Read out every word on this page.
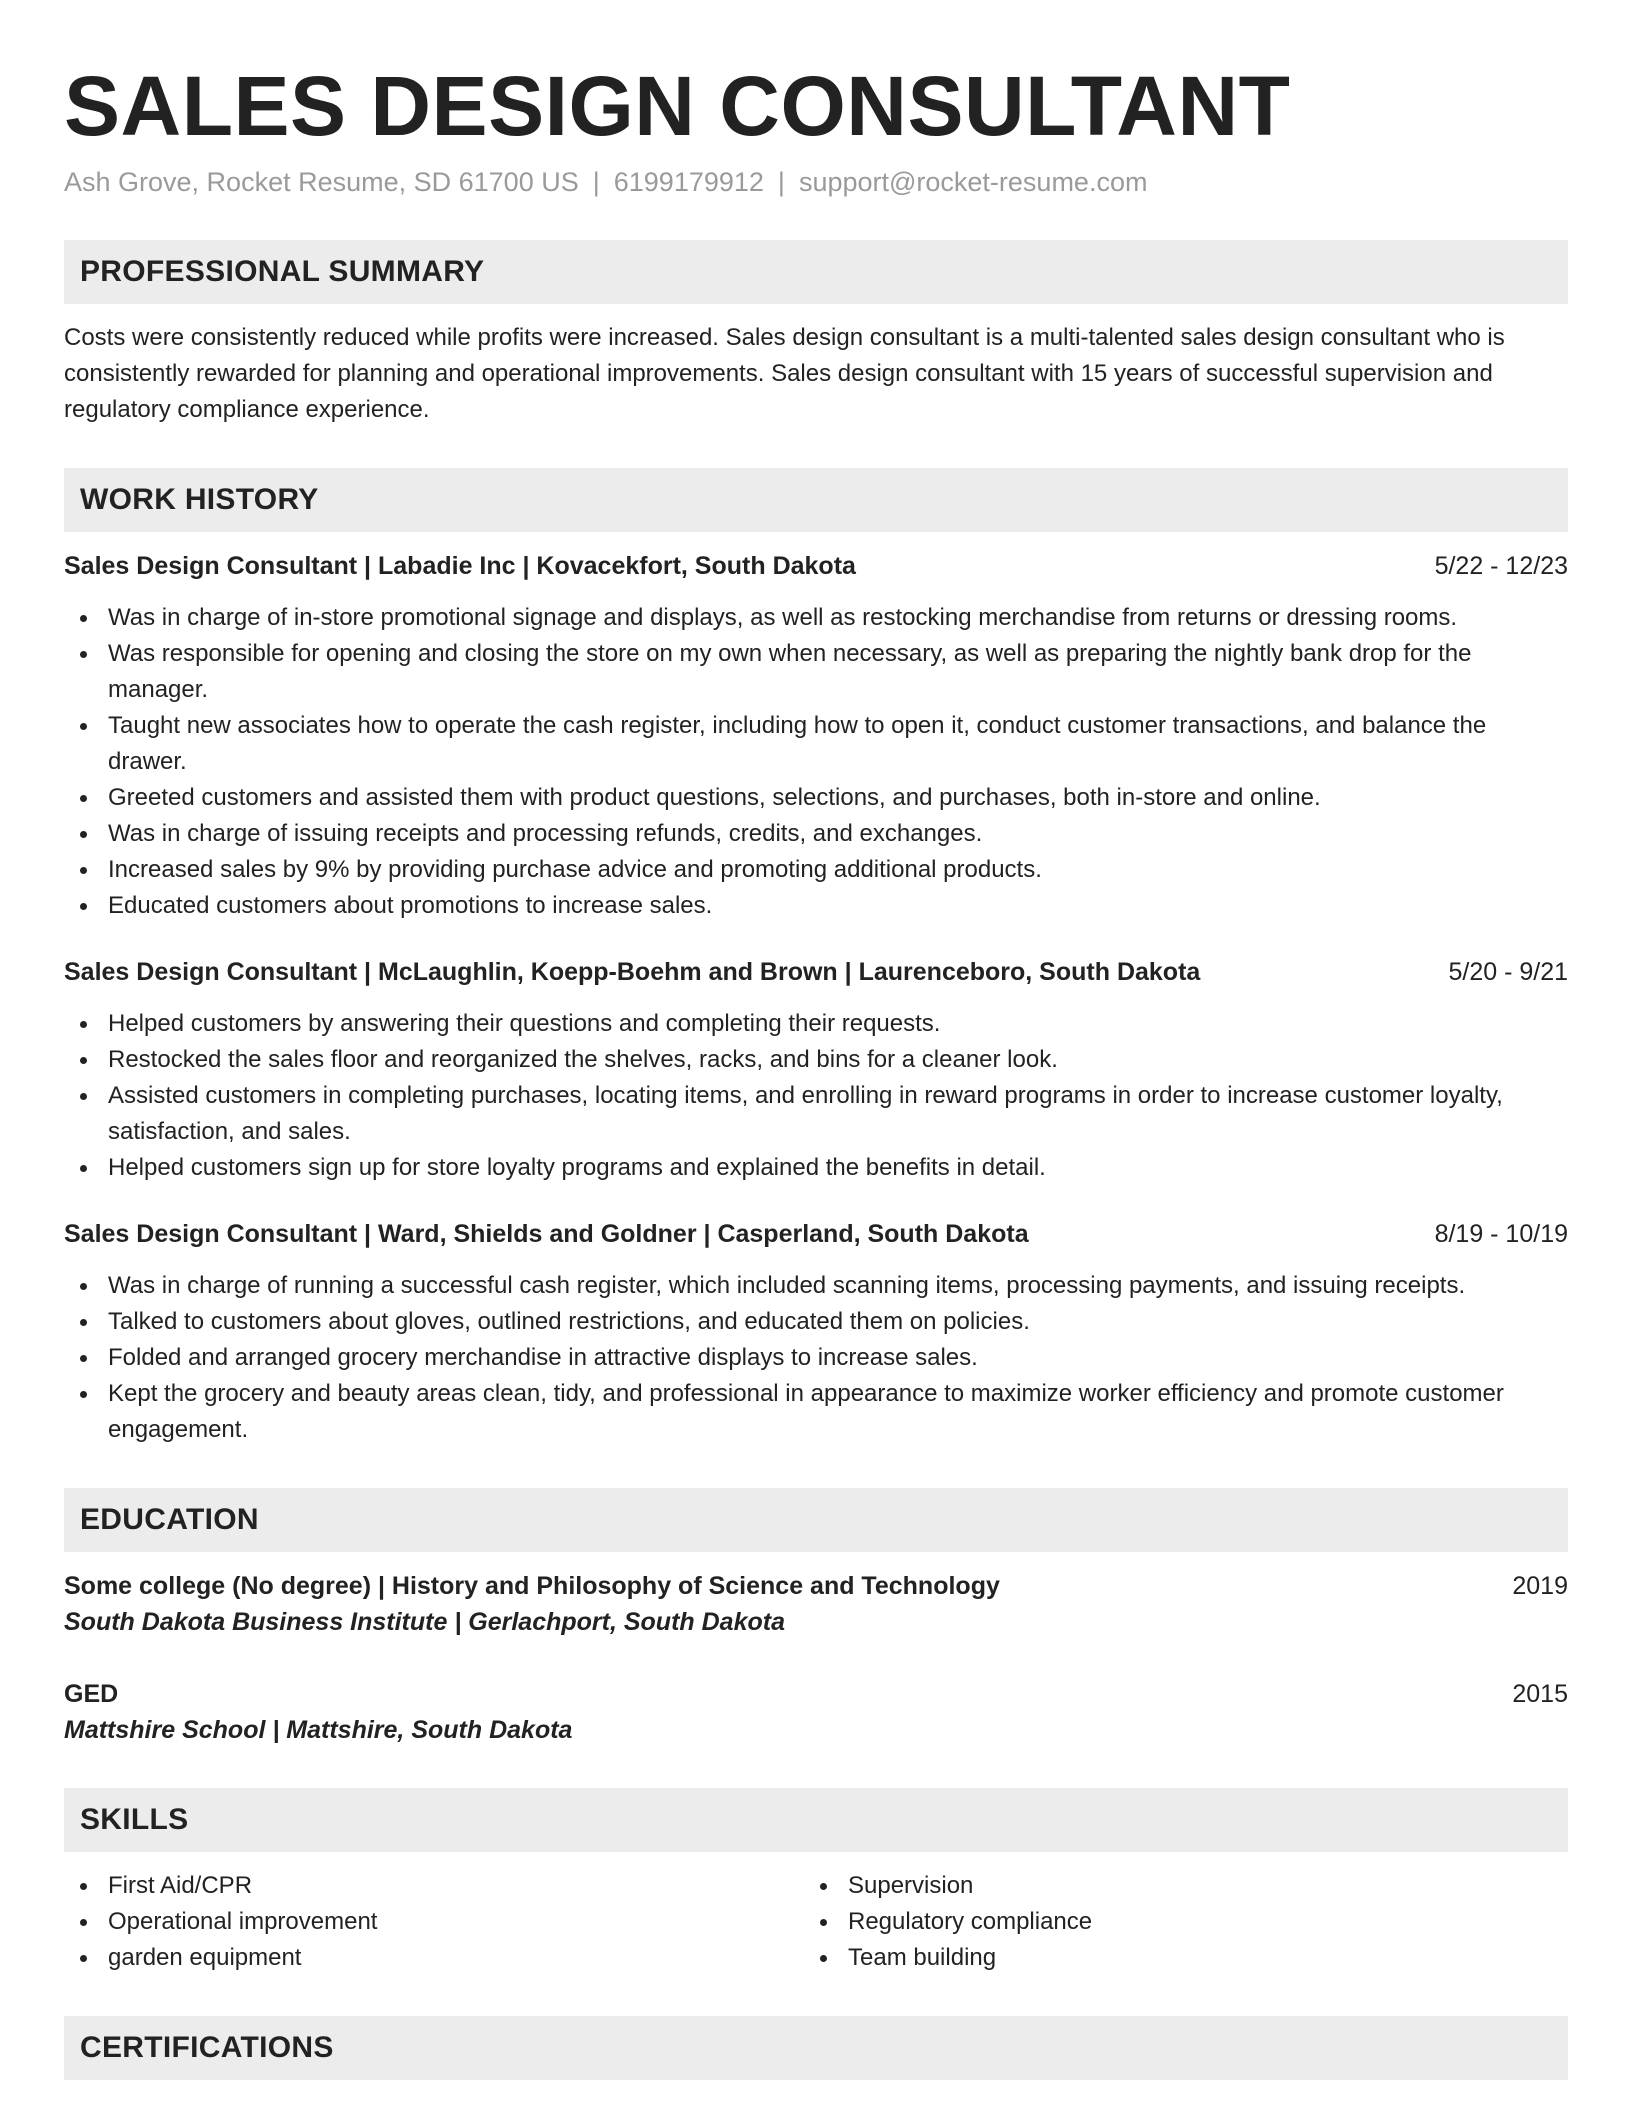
SALES DESIGN CONSULTANT
Ash Grove, Rocket Resume, SD 61700 US | 6199179912 | support@rocket-resume.com
PROFESSIONAL SUMMARY

Costs were consistently reduced while profits were increased. Sales design consultant is a multi-talented sales design consultant who is consistently rewarded for planning and operational improvements. Sales design consultant with 15 years of successful supervision and regulatory compliance experience.

WORK HISTORY
Sales Design Consultant | Labadie Inc | Kovacekfort, South Dakota	5/22 - 12/23
Was in charge of in-store promotional signage and displays, as well as restocking merchandise from returns or dressing rooms.
Was responsible for opening and closing the store on my own when necessary, as well as preparing the nightly bank drop for the manager.
Taught new associates how to operate the cash register, including how to open it, conduct customer transactions, and balance the drawer.
Greeted customers and assisted them with product questions, selections, and purchases, both in-store and online.
Was in charge of issuing receipts and processing refunds, credits, and exchanges.
Increased sales by 9% by providing purchase advice and promoting additional products.
Educated customers about promotions to increase sales.
Sales Design Consultant | McLaughlin, Koepp-Boehm and Brown | Laurenceboro, South Dakota	5/20 - 9/21
Helped customers by answering their questions and completing their requests.
Restocked the sales floor and reorganized the shelves, racks, and bins for a cleaner look.
Assisted customers in completing purchases, locating items, and enrolling in reward programs in order to increase customer loyalty, satisfaction, and sales.
Helped customers sign up for store loyalty programs and explained the benefits in detail.
Sales Design Consultant | Ward, Shields and Goldner | Casperland, South Dakota	8/19 - 10/19
Was in charge of running a successful cash register, which included scanning items, processing payments, and issuing receipts.
Talked to customers about gloves, outlined restrictions, and educated them on policies.
Folded and arranged grocery merchandise in attractive displays to increase sales.
Kept the grocery and beauty areas clean, tidy, and professional in appearance to maximize worker efficiency and promote customer engagement.
EDUCATION
Some college (No degree) | History and Philosophy of Science and Technology	2019
South Dakota Business Institute | Gerlachport, South Dakota
GED	2015
Mattshire School | Mattshire, South Dakota
SKILLS
First Aid/CPR
Operational improvement
garden equipment
Supervision
Regulatory compliance
Team building
CERTIFICATIONS
